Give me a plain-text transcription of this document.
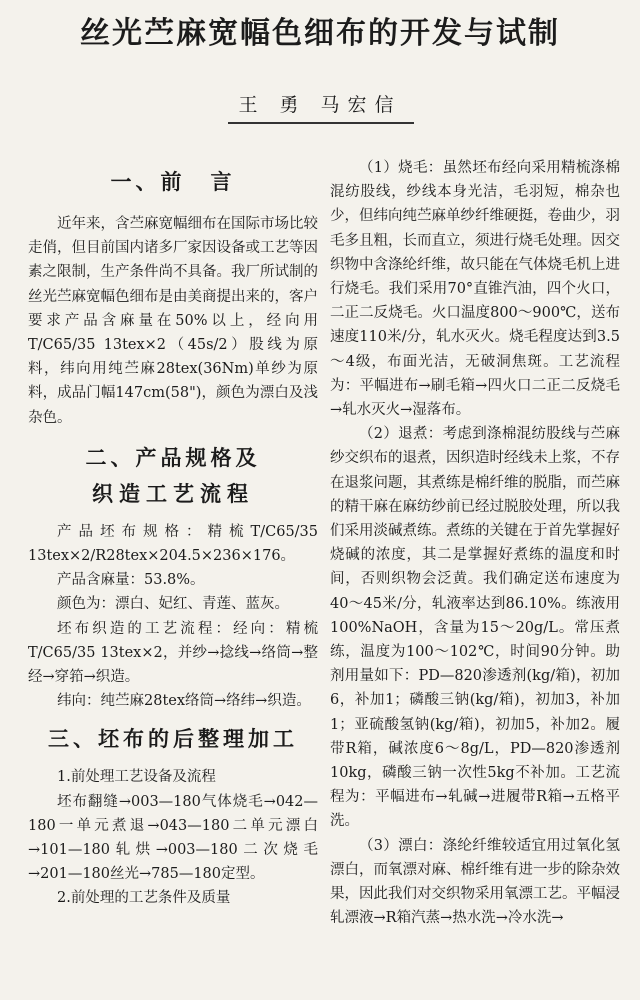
丝光苎麻宽幅色细布的开发与试制
王 勇 马宏信
一、前　言

近年来，含苎麻宽幅细布在国际市场比较走俏，但目前国内诸多厂家因设备或工艺等因素之限制，生产条件尚不具备。我厂所试制的丝光苎麻宽幅色细布是由美商提出来的，客户要求产品含麻量在50%以上，经向用T/C65/35 13tex×2（45s/2）股线为原料，纬向用纯苎麻28tex(36Nm)单纱为原料，成品门幅147cm(58")，颜色为漂白及浅杂色。

二、产品规格及
织造工艺流程

产品坯布规格：精梳T/C65/35 13tex×2/R28tex×204.5×236×176。

产品含麻量：53.8%。

颜色为：漂白、妃红、青莲、蓝灰。

坯布织造的工艺流程：经向：精梳T/C65/35 13tex×2，并纱→捻线→络筒→整经→穿筘→织造。

纬向：纯苎麻28tex络筒→络纬→织造。

三、坯布的后整理加工

1.前处理工艺设备及流程

坯布翻缝→003—180气体烧毛→042—180一单元煮退→043—180二单元漂白→101—180轧烘→003—180二次烧毛→201—180丝光→785—180定型。

2.前处理的工艺条件及质量

（1）烧毛：虽然坯布经向采用精梳涤棉混纺股线，纱线本身光洁，毛羽短，棉杂也少，但纬向纯苎麻单纱纤维硬挺，卷曲少，羽毛多且粗，长而直立，须进行烧毛处理。因交织物中含涤纶纤维，故只能在气体烧毛机上进行烧毛。我们采用70°直锥汽油，四个火口，二正二反烧毛。火口温度800～900℃，送布速度110米/分，轧水灭火。烧毛程度达到3.5～4级，布面光洁，无破洞焦斑。工艺流程为：平幅进布→刷毛箱→四火口二正二反烧毛→轧水灭火→湿落布。

（2）退煮：考虑到涤棉混纺股线与苎麻纱交织布的退煮，因织造时经线未上浆，不存在退浆问题，其煮练是棉纤维的脱脂，而苎麻的精干麻在麻纺纱前已经过脱胶处理，所以我们采用淡碱煮练。煮练的关键在于首先掌握好烧碱的浓度，其二是掌握好煮练的温度和时间，否则织物会泛黄。我们确定送布速度为40～45米/分，轧液率达到86.10%。练液用100%NaOH，含量为15～20g/L。常压煮练，温度为100～102℃，时间90分钟。助剂用量如下：PD—820渗透剂(kg/箱)，初加6，补加1；磷酸三钠(kg/箱)，初加3，补加1；亚硫酸氢钠(kg/箱)，初加5，补加2。履带R箱，碱浓度6～8g/L，PD—820渗透剂10kg，磷酸三钠一次性5kg不补加。工艺流程为：平幅进布→轧碱→进履带R箱→五格平洗。

（3）漂白：涤纶纤维较适宜用过氧化氢漂白，而氧漂对麻、棉纤维有进一步的除杂效果，因此我们对交织物采用氧漂工艺。平幅浸轧漂液→R箱汽蒸→热水洗→冷水洗→
